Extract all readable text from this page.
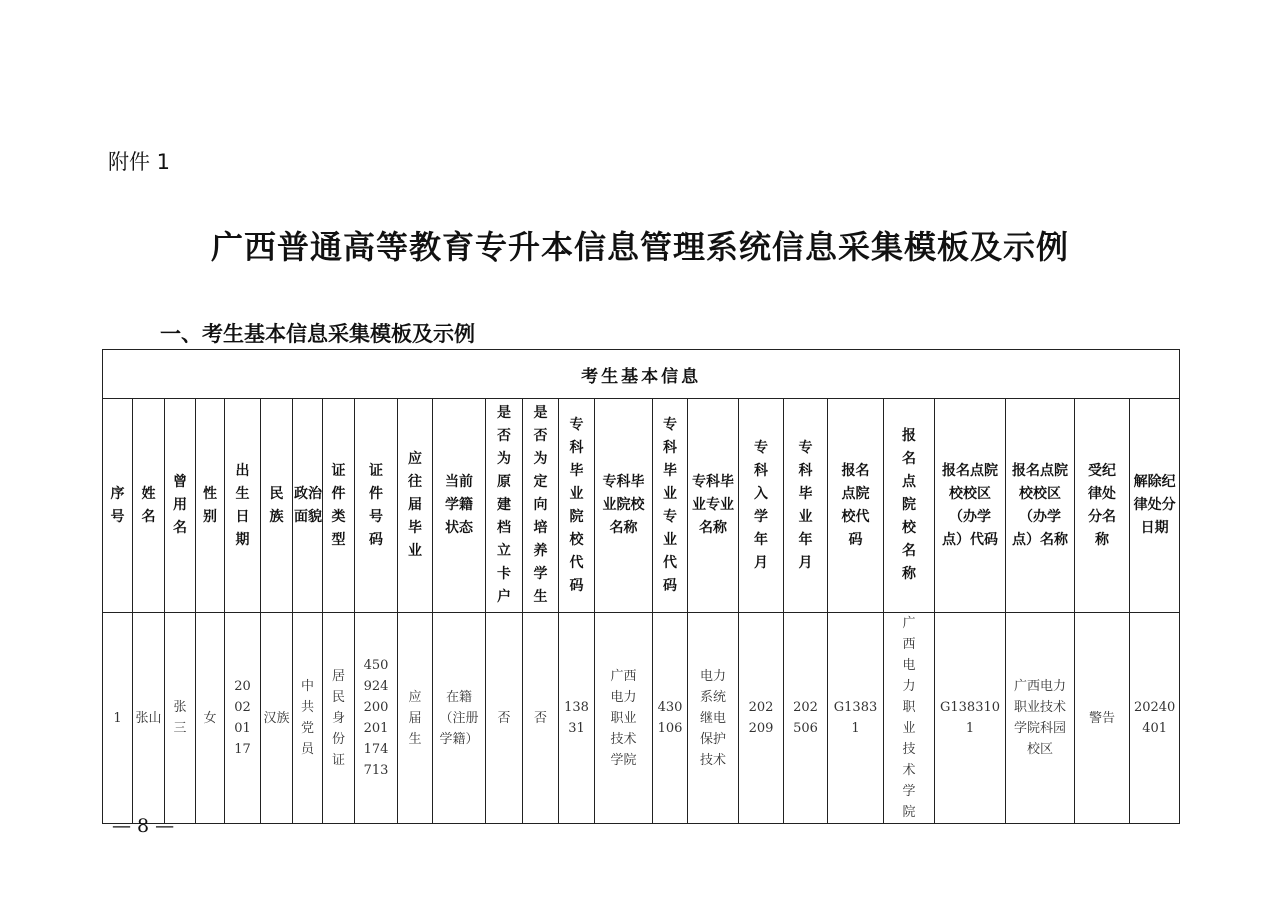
附件 1
广西普通高等教育专升本信息管理系统信息采集模板及示例
一、考生基本信息采集模板及示例
考生基本信息																								
序号	姓名	曾用名	性别	出生日期	民族	政治面貌	证件类型	证件号码	应往届毕业	当前学籍状态	是否为原建档立卡户	是否为定向培养学生	专科毕业院校代码	专科毕业院校名称	专科毕业专业代码	专科毕业专业名称	专科入学年月	专科毕业年月	报名点院校代码	报名点院校名称	报名点院校校区（办学点）代码	报名点院校校区（办学点）名称	受纪律处分名称	解除纪律处分日期
1	张山	张三	女	20020117	汉族	中共党员	居民身份证	450924200201174713	应届生	在籍（注册学籍）	否	否	13831	广西电力职业技术学院	430106	电力系统继电保护技术	202209	202506	G13831	广西电力职业技术学院	G1383101	广西电力职业技术学院科园校区	警告	20240401
— 8 —
